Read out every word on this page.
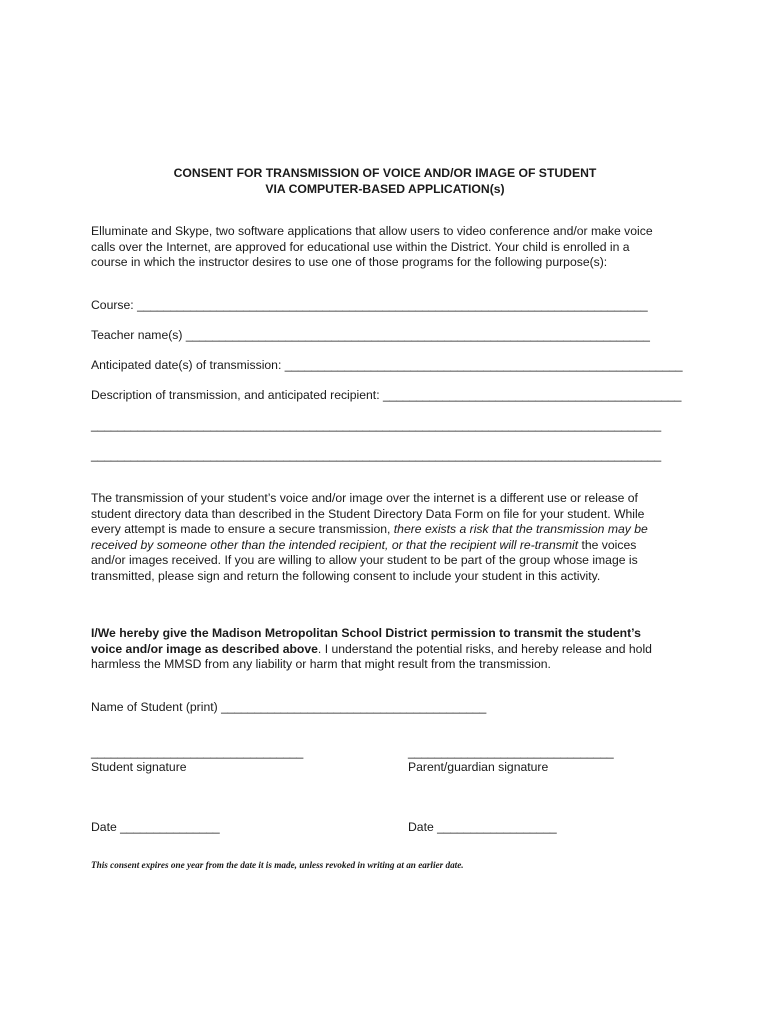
CONSENT FOR TRANSMISSION OF VOICE AND/OR IMAGE OF STUDENT
VIA COMPUTER-BASED APPLICATION(s)
Elluminate and Skype, two software applications that allow users to video conference and/or make voice
calls over the Internet, are approved for educational use within the District. Your child is enrolled in a
course in which the instructor desires to use one of those programs for the following purpose(s):
Course: _____________________________________________________________________________
Teacher name(s) ______________________________________________________________________
Anticipated date(s) of transmission: ____________________________________________________________
Description of transmission, and anticipated recipient: _____________________________________________
______________________________________________________________________________________
______________________________________________________________________________________
The transmission of your student’s voice and/or image over the internet is a different use or release of
student directory data than described in the Student Directory Data Form on file for your student. While
every attempt is made to ensure a secure transmission, there exists a risk that the transmission may be
received by someone other than the intended recipient, or that the recipient will re-transmit the voices
and/or images received. If you are willing to allow your student to be part of the group whose image is
transmitted, please sign and return the following consent to include your student in this activity.
I/We hereby give the Madison Metropolitan School District permission to transmit the student’s
voice and/or image as described above. I understand the potential risks, and hereby release and hold
harmless the MMSD from any liability or harm that might result from the transmission.
Name of Student (print) ________________________________________
________________________________
Student signature
_______________________________
Parent/guardian signature
Date _______________	Date __________________
This consent expires one year from the date it is made, unless revoked in writing at an earlier date.
